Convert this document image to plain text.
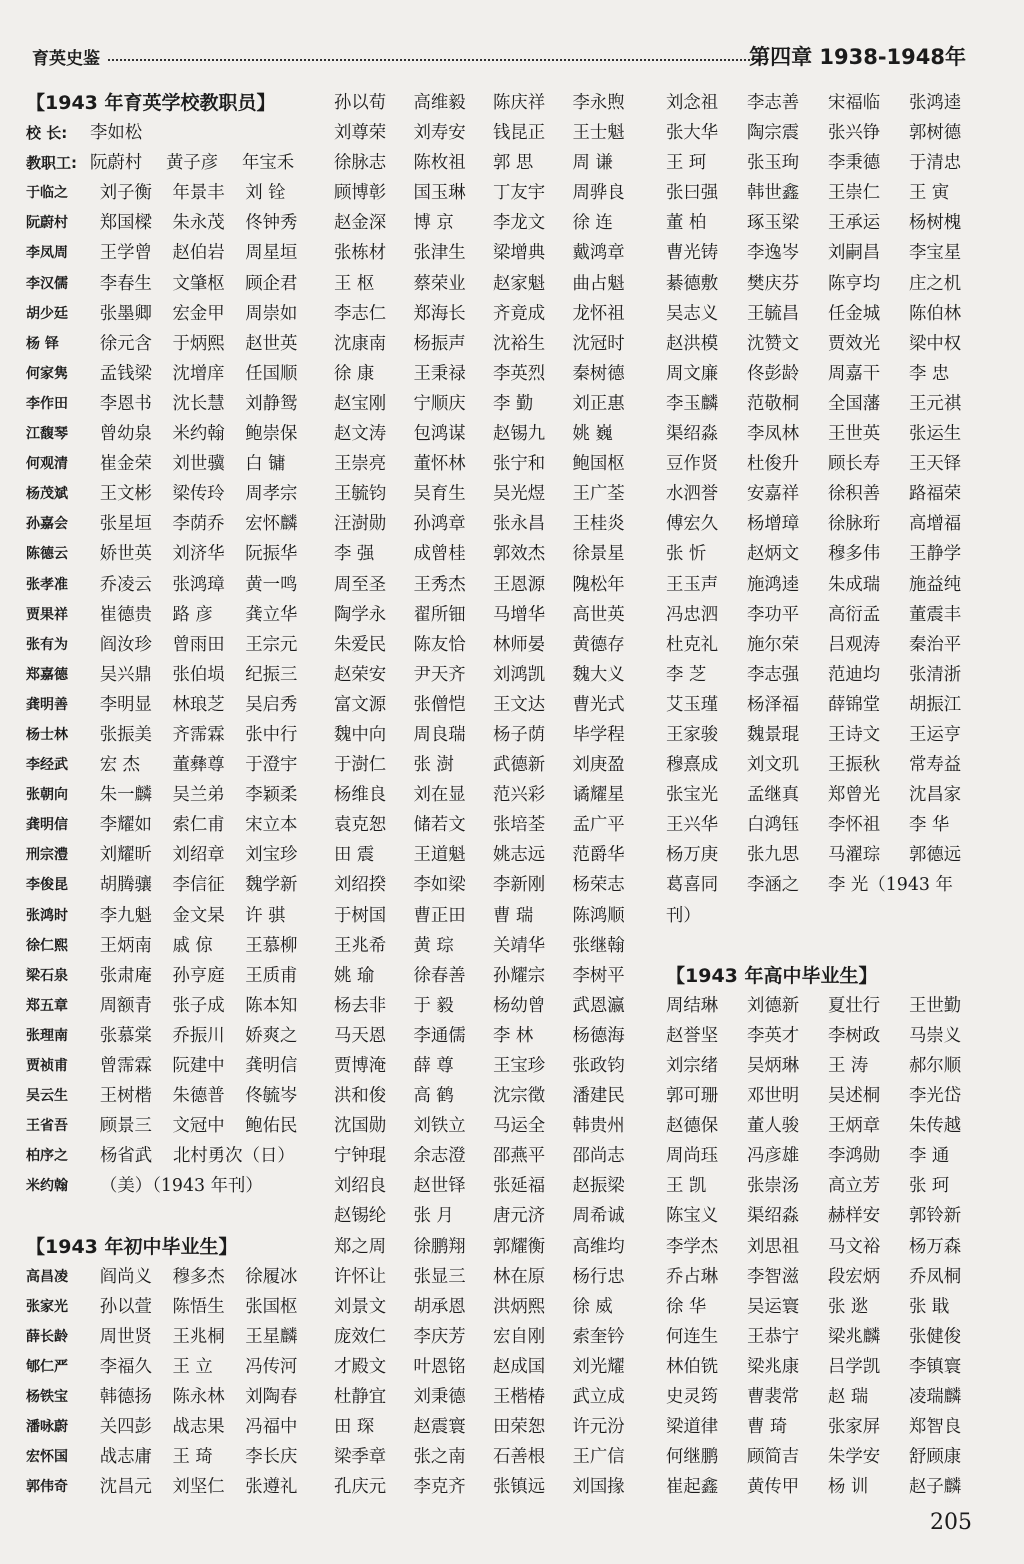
育英史鉴	第四章 1938-1948年
【1943 年育英学校教职员】
校 长:	李如松
教职工: 阮蔚村	黄子彦	年宝禾
于临之	刘子衡	年景丰	刘 铨
阮蔚村	郑国樑	朱永茂	佟钟秀
李凤周	王学曾	赵伯岩	周星垣
李汉儒	李春生	文肇枢	顾企君
胡少廷	张墨卿	宏金甲	周崇如
杨 铎	徐元含	于炳熙	赵世英
何家隽	孟钱梁	沈增庠	任国顺
李作田	李恩书	沈长慧	刘静鸳
江馥琴	曾幼泉	米约翰	鲍崇保
何观清	崔金荣	刘世骥	白 镛
杨茂斌	王文彬	梁传玲	周孝宗
孙嘉会	张星垣	李荫乔	宏怀麟
陈德云	娇世英	刘济华	阮振华
张孝准	乔凌云	张鸿璋	黄一鸣
贾果祥	崔德贵	路 彦	龚立华
张有为	阎汝珍	曾雨田	王宗元
郑嘉德	吴兴鼎	张伯埙	纪振三
龚明善	李明显	林琅芝	吴启秀
杨士林	张振美	齐霈霖	张中行
李经武	宏 杰	董彝尊	于澄宇
张朝向	朱一麟	吴兰弟	李颖柔
龚明信	李耀如	索仁甫	宋立本
刑宗澧	刘耀昕	刘绍章	刘宝珍
李俊昆	胡腾骧	李信征	魏学新
张鸿时	李九魁	金文杲	许 骐
徐仁熙	王炳南	戚 倞	王慕柳
梁石泉	张肃庵	孙亨庭	王质甫
郑五章	周额青	张子成	陈本知
张理南	张慕棠	乔振川	娇爽之
贾祯甫	曾霈霖	阮建中	龚明信
吴云生	王树楷	朱德普	佟毓岑
王省吾	顾景三	文冠中	鲍佑民
柏序之	杨省武	北村勇次（日）
米约翰	（美）（1943 年刊）
【1943 年初中毕业生】
高昌凌	阎尚义	穆多杰	徐履冰
张家光	孙以萱	陈悟生	张国枢
薛长龄	周世贤	王兆桐	王星麟
郇仁严	李福久	王 立	冯传河
杨铁宝	韩德扬	陈永林	刘陶春
潘咏蔚	关四彭	战志果	冯福中
宏怀国	战志庸	王 琦	李长庆
郭伟奇	沈昌元	刘坚仁	张遵礼
孙以荀	高维毅	陈庆祥	李永煦
刘尊荣	刘寿安	钱昆正	王士魁
徐脉志	陈枚祖	郭 思	周 谦
顾博彰	国玉琳	丁友宇	周骅良
赵金深	博 京	李龙文	徐 连
张栋材	张津生	梁增典	戴鸿章
王 枢	蔡荣业	赵家魁	曲占魁
李志仁	郑海长	齐竟成	龙怀祖
沈康南	杨振声	沈裕生	沈冠时
徐 康	王秉禄	李英烈	秦树德
赵宝刚	宁顺庆	李 勤	刘正惠
赵文涛	包鸿谋	赵锡九	姚 巍
王崇亮	董怀林	张宁和	鲍国枢
王毓钧	吴育生	吴光煜	王广荃
汪澍勋	孙鸿章	张永昌	王桂炎
李 强	成曾桂	郭效杰	徐景星
周至圣	王秀杰	王恩源	隗松年
陶学永	翟所钿	马增华	高世英
朱爱民	陈友恰	林师晏	黄德存
赵荣安	尹天齐	刘鸿凯	魏大义
富文源	张僧恺	王文达	曹光式
魏中向	周良瑞	杨子荫	毕学程
于澍仁	张 澍	武德新	刘庚盈
杨维良	刘在显	范兴彩	谲耀星
袁克恕	储若文	张培荃	孟广平
田 震	王道魁	姚志远	范爵华
刘绍揆	李如梁	李新刚	杨荣志
于树国	曹正田	曹 瑞	陈鸿顺
王兆希	黄 琮	关靖华	张继翰
姚 瑜	徐春善	孙耀宗	李树平
杨去非	于 毅	杨幼曾	武恩瀛
马天恩	李通儒	李 林	杨德海
贾博淹	薛 尊	王宝珍	张政钧
洪和俊	高 鹤	沈宗徵	潘建民
沈国勋	刘铁立	马运全	韩贵州
宁钟琨	余志澄	邵燕平	邵尚志
刘绍良	赵世铎	张延福	赵振梁
赵锡纶	张 月	唐元济	周希诚
郑之周	徐鹏翔	郭耀衡	高维均
许怀让	张显三	林在原	杨行忠
刘景文	胡承恩	洪炳熙	徐 威
庞效仁	李庆芳	宏自刚	索奎钤
才殿文	叶恩铭	赵成国	刘光耀
杜静宜	刘秉德	王楷椿	武立成
田 琛	赵震寰	田荣恕	许元汾
梁季章	张之南	石善根	王广信
孔庆元	李克齐	张镇远	刘国掾
刘念祖	李志善	宋福临	张鸿逵
张大华	陶宗震	张兴铮	郭树德
王 珂	张玉珣	李秉德	于清忠
张曰强	韩世鑫	王崇仁	王 寅
董 柏	琢玉梁	王承运	杨树槐
曹光铸	李逸岑	刘嗣昌	李宝星
綦德敷	樊庆芬	陈亨均	庄之机
吴志义	王毓昌	任金城	陈伯林
赵洪模	沈赞文	贾效光	梁中权
周文廉	佟彭龄	周嘉干	李 忠
李玉麟	范敬桐	全国藩	王元祺
渠绍淼	李凤林	王世英	张运生
豆作贤	杜俊升	顾长寿	王天铎
水泗誉	安嘉祥	徐积善	路福荣
傅宏久	杨增璋	徐脉珩	高增福
张 忻	赵炳文	穆多伟	王静学
王玉声	施鸿逵	朱成瑞	施益纯
冯忠泗	李功平	高衍孟	董震丰
杜克礼	施尔荣	吕观涛	秦治平
李 芝	李志强	范迪均	张清浙
艾玉瑾	杨泽福	薛锦堂	胡振江
王家骏	魏景琨	王诗文	王运亨
穆熹成	刘文玑	王振秋	常寿益
张宝光	孟继真	郑曾光	沈昌家
王兴华	白鸿钰	李怀祖	李 华
杨万庚	张九思	马濯琮	郭德远
葛喜同	李涵之	李 光（1943 年
刊）
【1943 年高中毕业生】
周结琳	刘德新	夏壮行	王世勤
赵誉坚	李英才	李树政	马崇义
刘宗绪	吴炳琳	王 涛	郝尔顺
郭可珊	邓世明	吴述桐	李光岱
赵德保	董人骏	王炳章	朱传越
周尚珏	冯彦雄	李鸿勋	李 通
王 凯	张崇汤	高立芳	张 珂
陈宝义	渠绍淼	赫样安	郭铃新
李学杰	刘思祖	马文裕	杨万森
乔占琳	李智滋	段宏炳	乔凤桐
徐 华	吴运寰	张 逖	张 戢
何连生	王恭宁	梁兆麟	张健俊
林伯铣	梁兆康	吕学凯	李镇寰
史灵筠	曹裴常	赵 瑞	凌瑞麟
梁道律	曹 琦	张家屏	郑智良
何继鹏	顾简吉	朱学安	舒顾康
崔起鑫	黄传甲	杨 训	赵子麟
205
